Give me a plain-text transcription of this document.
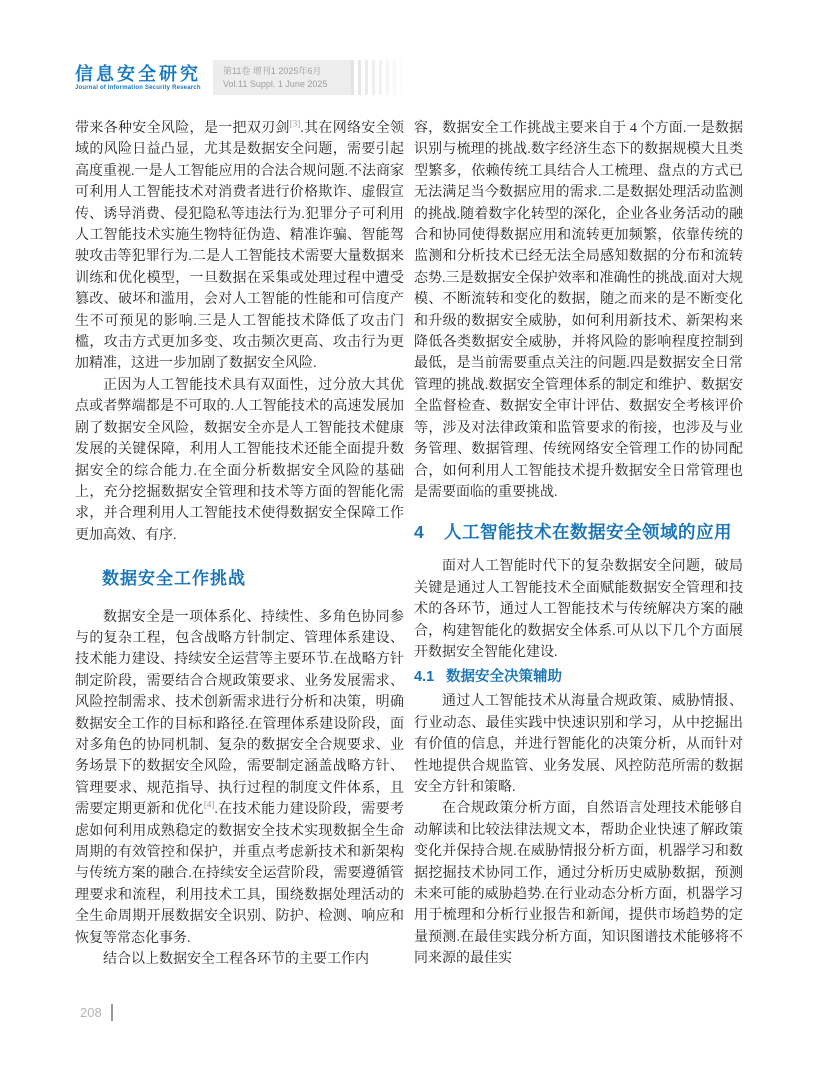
信息安全研究
Journal of Information Security Research
第11卷 增刊1 2025年6月
Vol.11 Suppl. 1 June 2025

带来各种安全风险，是一把双刃剑[3].其在网络安全领域的风险日益凸显，尤其是数据安全问题，需要引起高度重视.一是人工智能应用的合法合规问题.不法商家可利用人工智能技术对消费者进行价格欺诈、虚假宣传、诱导消费、侵犯隐私等违法行为.犯罪分子可利用人工智能技术实施生物特征伪造、精准诈骗、智能驾驶攻击等犯罪行为.二是人工智能技术需要大量数据来训练和优化模型，一旦数据在采集或处理过程中遭受篡改、破坏和滥用，会对人工智能的性能和可信度产生不可预见的影响.三是人工智能技术降低了攻击门槛，攻击方式更加多变、攻击频次更高、攻击行为更加精准，这进一步加剧了数据安全风险.

正因为人工智能技术具有双面性，过分放大其优点或者弊端都是不可取的.人工智能技术的高速发展加剧了数据安全风险，数据安全亦是人工智能技术健康发展的关键保障，利用人工智能技术还能全面提升数据安全的综合能力.在全面分析数据安全风险的基础上，充分挖掘数据安全管理和技术等方面的智能化需求，并合理利用人工智能技术使得数据安全保障工作更加高效、有序.

数据安全工作挑战

数据安全是一项体系化、持续性、多角色协同参与的复杂工程，包含战略方针制定、管理体系建设、技术能力建设、持续安全运营等主要环节.在战略方针制定阶段，需要结合合规政策要求、业务发展需求、风险控制需求、技术创新需求进行分析和决策，明确数据安全工作的目标和路径.在管理体系建设阶段，面对多角色的协同机制、复杂的数据安全合规要求、业务场景下的数据安全风险，需要制定涵盖战略方针、管理要求、规范指导、执行过程的制度文件体系，且需要定期更新和优化[4].在技术能力建设阶段，需要考虑如何利用成熟稳定的数据安全技术实现数据全生命周期的有效管控和保护，并重点考虑新技术和新架构与传统方案的融合.在持续安全运营阶段，需要遵循管理要求和流程，利用技术工具，围绕数据处理活动的全生命周期开展数据安全识别、防护、检测、响应和恢复等常态化事务.

结合以上数据安全工程各环节的主要工作内

容，数据安全工作挑战主要来自于 4 个方面.一是数据识别与梳理的挑战.数字经济生态下的数据规模大且类型繁多，依赖传统工具结合人工梳理、盘点的方式已无法满足当今数据应用的需求.二是数据处理活动监测的挑战.随着数字化转型的深化，企业各业务活动的融合和协同使得数据应用和流转更加频繁，依靠传统的监测和分析技术已经无法全局感知数据的分布和流转态势.三是数据安全保护效率和准确性的挑战.面对大规模、不断流转和变化的数据，随之而来的是不断变化和升级的数据安全威胁，如何利用新技术、新架构来降低各类数据安全威胁，并将风险的影响程度控制到最低，是当前需要重点关注的问题.四是数据安全日常管理的挑战.数据安全管理体系的制定和维护、数据安全监督检查、数据安全审计评估、数据安全考核评价等，涉及对法律政策和监管要求的衔接，也涉及与业务管理、数据管理、传统网络安全管理工作的协同配合，如何利用人工智能技术提升数据安全日常管理也是需要面临的重要挑战.

4	人工智能技术在数据安全领域的应用

面对人工智能时代下的复杂数据安全问题，破局关键是通过人工智能技术全面赋能数据安全管理和技术的各环节，通过人工智能技术与传统解决方案的融合，构建智能化的数据安全体系.可从以下几个方面展开数据安全智能化建设.

4.1 数据安全决策辅助

通过人工智能技术从海量合规政策、威胁情报、行业动态、最佳实践中快速识别和学习，从中挖掘出有价值的信息，并进行智能化的决策分析，从而针对性地提供合规监管、业务发展、风控防范所需的数据安全方针和策略.

在合规政策分析方面，自然语言处理技术能够自动解读和比较法律法规文本，帮助企业快速了解政策变化并保持合规.在威胁情报分析方面，机器学习和数据挖掘技术协同工作，通过分析历史威胁数据，预测未来可能的威胁趋势.在行业动态分析方面，机器学习用于梳理和分析行业报告和新闻，提供市场趋势的定量预测.在最佳实践分析方面，知识图谱技术能够将不同来源的最佳实

208
